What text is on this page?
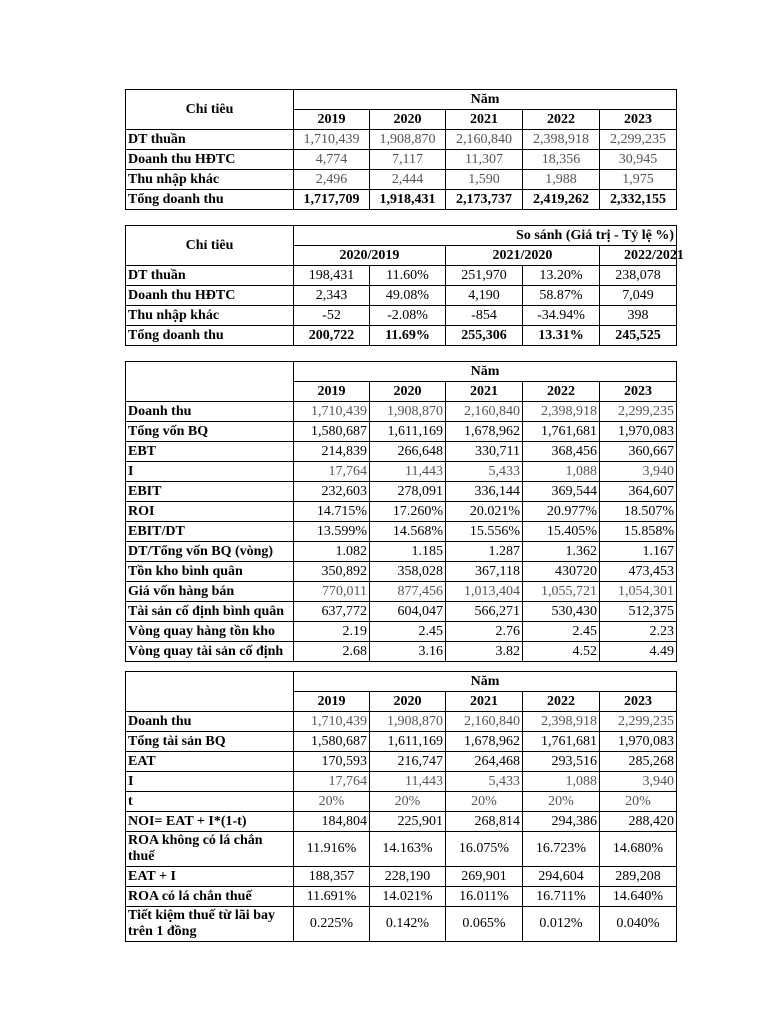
Chỉ tiêu	Năm				
	2019	2020	2021	2022	2023
DT thuần	1,710,439	1,908,870	2,160,840	2,398,918	2,299,235
Doanh thu HĐTC	4,774	7,117	11,307	18,356	30,945
Thu nhập khác	2,496	2,444	1,590	1,988	1,975
Tổng doanh thu	1,717,709	1,918,431	2,173,737	2,419,262	2,332,155
Chỉ tiêu	So sánh (Giá trị - Tỷ lệ %)				
	2020/2019		2021/2020		2022/2021
DT thuần	198,431	11.60%	251,970	13.20%	238,078
Doanh thu HĐTC	2,343	49.08%	4,190	58.87%	7,049
Thu nhập khác	-52	-2.08%	-854	-34.94%	398
Tổng doanh thu	200,722	11.69%	255,306	13.31%	245,525
	Năm				
	2019	2020	2021	2022	2023
Doanh thu	1,710,439	1,908,870	2,160,840	2,398,918	2,299,235
Tổng vốn BQ	1,580,687	1,611,169	1,678,962	1,761,681	1,970,083
EBT	214,839	266,648	330,711	368,456	360,667
I	17,764	11,443	5,433	1,088	3,940
EBIT	232,603	278,091	336,144	369,544	364,607
ROI	14.715%	17.260%	20.021%	20.977%	18.507%
EBIT/DT	13.599%	14.568%	15.556%	15.405%	15.858%
DT/Tổng vốn BQ (vòng)	1.082	1.185	1.287	1.362	1.167
Tồn kho bình quân	350,892	358,028	367,118	430720	473,453
Giá vốn hàng bán	770,011	877,456	1,013,404	1,055,721	1,054,301
Tài sản cố định bình quân	637,772	604,047	566,271	530,430	512,375
Vòng quay hàng tồn kho	2.19	2.45	2.76	2.45	2.23
Vòng quay tài sản cố định	2.68	3.16	3.82	4.52	4.49
	Năm				
	2019	2020	2021	2022	2023
Doanh thu	1,710,439	1,908,870	2,160,840	2,398,918	2,299,235
Tổng tài sản BQ	1,580,687	1,611,169	1,678,962	1,761,681	1,970,083
EAT	170,593	216,747	264,468	293,516	285,268
I	17,764	11,443	5,433	1,088	3,940
t	20%	20%	20%	20%	20%
NOI= EAT + I*(1-t)	184,804	225,901	268,814	294,386	288,420
ROA không có lá chắn thuế	11.916%	14.163%	16.075%	16.723%	14.680%
EAT + I	188,357	228,190	269,901	294,604	289,208
ROA có lá chắn thuế	11.691%	14.021%	16.011%	16.711%	14.640%
Tiết kiệm thuế từ lãi bay trên 1 đồng	0.225%	0.142%	0.065%	0.012%	0.040%
